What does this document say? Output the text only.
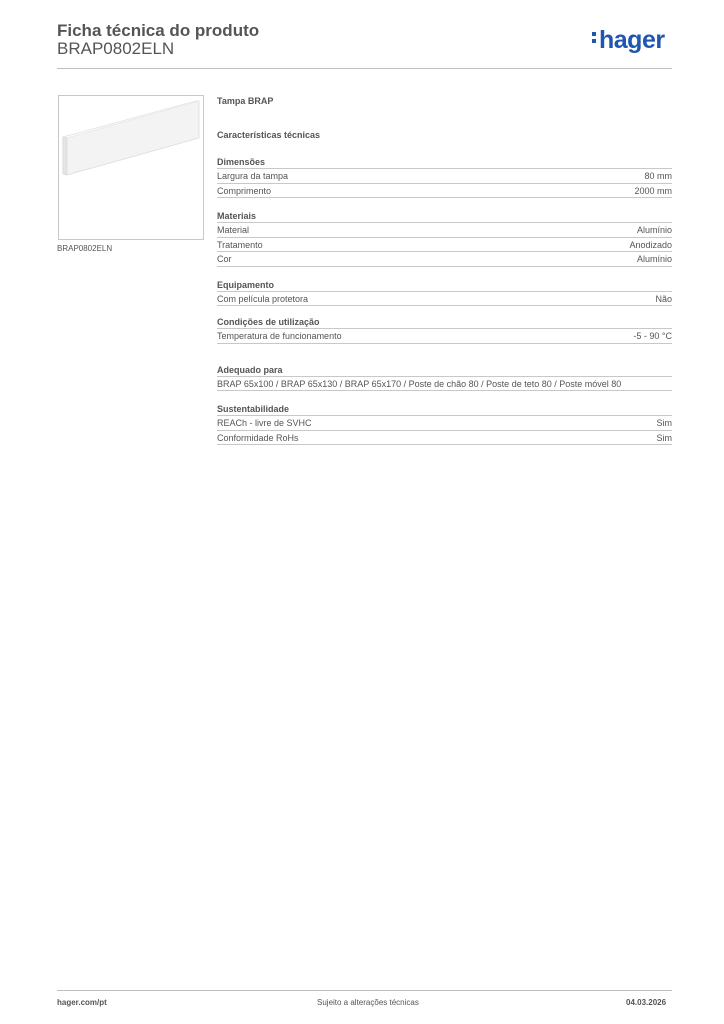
Ficha técnica do produto
BRAP0802ELN	hager
BRAP0802ELN
Tampa BRAP
Características técnicas
Dimensões
Largura da tampa	80 mm
Comprimento	2000 mm
Materiais
Material	Alumínio
Tratamento	Anodizado
Cor	Alumínio
Equipamento
Com película protetora	Não
Condições de utilização
Temperatura de funcionamento	-5 - 90 °C
Adequado para
BRAP 65x100 / BRAP 65x130 / BRAP 65x170 / Poste de chão 80 / Poste de teto 80 / Poste móvel 80
Sustentabilidade
REACh - livre de SVHC	Sim
Conformidade RoHs	Sim
hager.com/pt	Sujeito a alterações técnicas	04.03.2026
